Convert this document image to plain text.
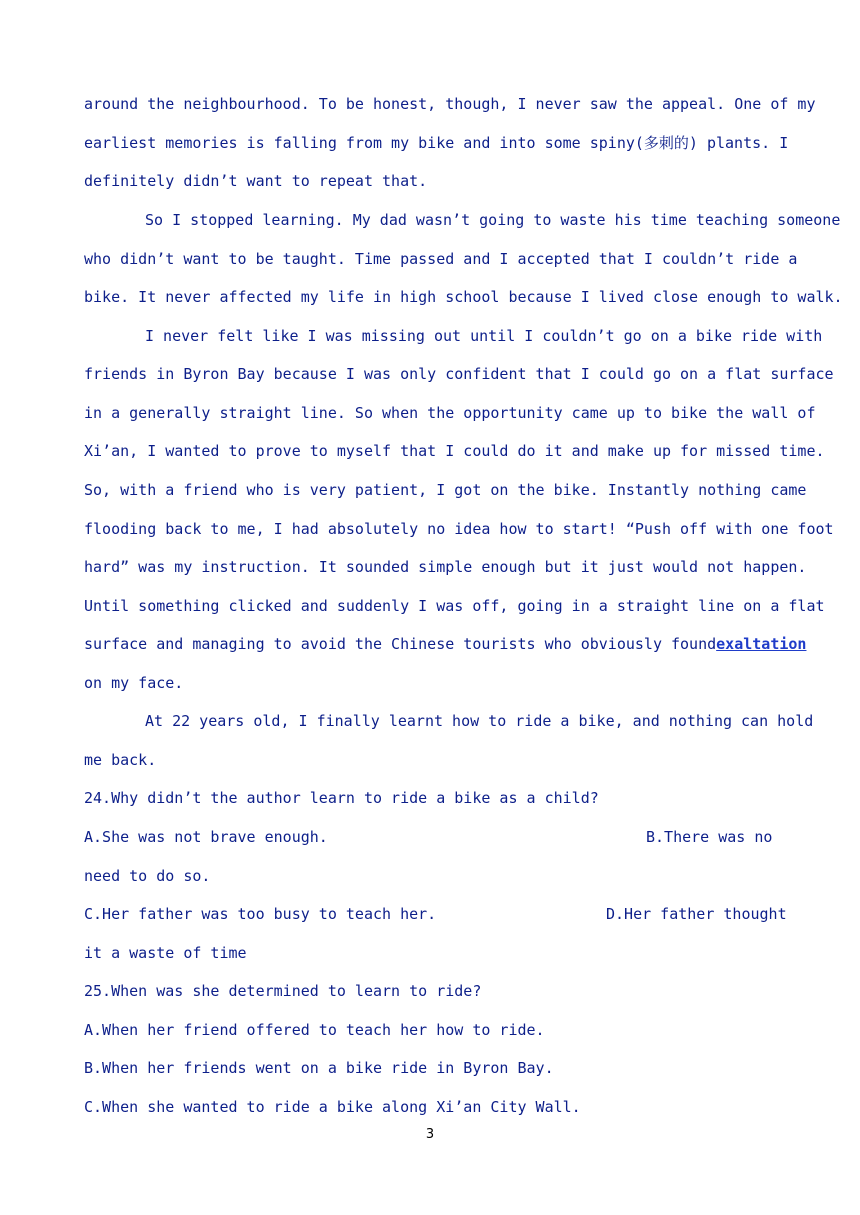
around the neighbourhood. To be honest, though, I never saw the appeal. One of my
earliest memories is falling from my bike and into some spiny(多刺的) plants. I
definitely didn’t want to repeat that.
So I stopped learning. My dad wasn’t going to waste his time teaching someone
who didn’t want to be taught. Time passed and I accepted that I couldn’t ride a
bike. It never affected my life in high school because I lived close enough to walk.
I never felt like I was missing out until I couldn’t go on a bike ride with
friends in Byron Bay because I was only confident that I could go on a flat surface
in a generally straight line. So when the opportunity came up to bike the wall of
Xi’an, I wanted to prove to myself that I could do it and make up for missed time.
So, with a friend who is very patient, I got on the bike. Instantly nothing came
flooding back to me, I had absolutely no idea how to start! “Push off with one foot
hard” was my instruction. It sounded simple enough but it just would not happen.
Until something clicked and suddenly I was off, going in a straight line on a flat
surface and managing to avoid the Chinese tourists who obviously found exaltation
on my face.
At 22 years old, I finally learnt how to ride a bike, and nothing can hold
me back.
24.Why didn’t the author learn to ride a bike as a child?
A.She was not brave enough.	B.There was no
need to do so.
C.Her father was too busy to teach her.	D.Her father thought
it a waste of time
25.When was she determined to learn to ride?
A.When her friend offered to teach her how to ride.
B.When her friends went on a bike ride in Byron Bay.
C.When she wanted to ride a bike along Xi’an City Wall.
3
